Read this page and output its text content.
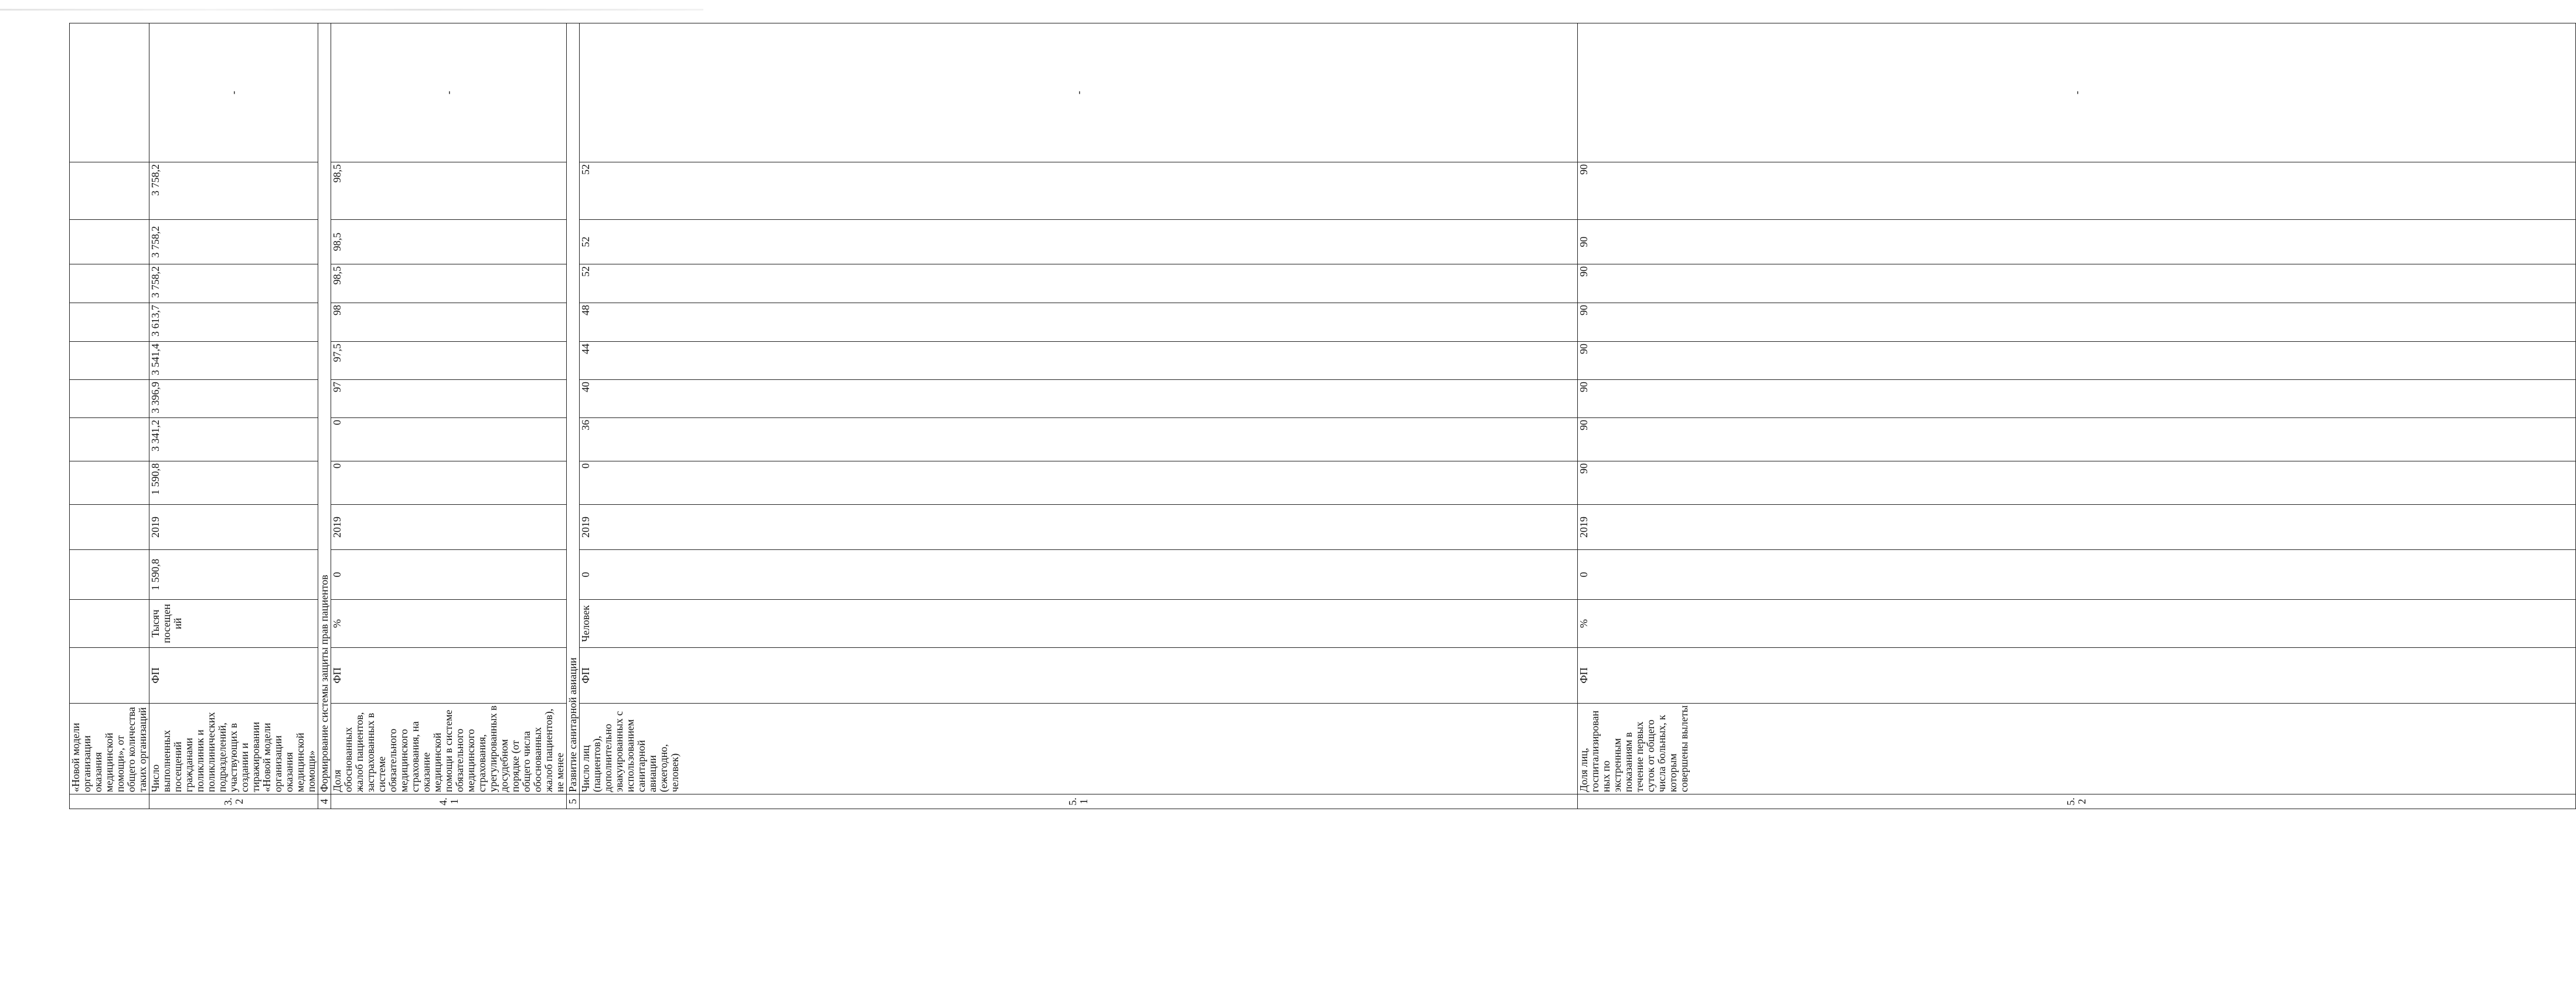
	«Новой модели организации оказания медицинской помощи», от общего количества таких организаций														
3.2	Число выполненных посещений гражданами поликлиник и поликлинических подразделений, участвующих в создании и тиражировании «Новой модели организации оказания медицинской помощи»	ФП	Тысяч посещений	1 590,8	2019	1 590,8	3 341,2	3 396,9	3 541,4	3 613,7	3 758,2	3 758,2	3 758,2	-	
4	Формирование системы защиты прав пациентов														
4.1	Доля обоснованных жалоб пациентов, застрахованных в системе обязательного медицинского страхования, на оказание медицинской помощи в системе обязательного медицинского страхования, урегулированных в досудебном порядке (от общего числа обоснованных жалоб пациентов), не менее	ФП	%	0	2019	0	0	97	97,5	98	98,5	98,5	98,5	-	
5	Развитие санитарной авиации														
5.1	Число лиц (пациентов), дополнительно эвакуированных с использованием санитарной авиации (ежегодно, человек)	ФП	Человек	0	2019	0	36	40	44	48	52	52	52	-	
5.2	Доля лиц, госпитализированных по экстренным показаниям в течение первых суток от общего числа больных, к которым совершены вылеты	ФП	%	0	2019	90	90	90	90	90	90	90	90	-	
